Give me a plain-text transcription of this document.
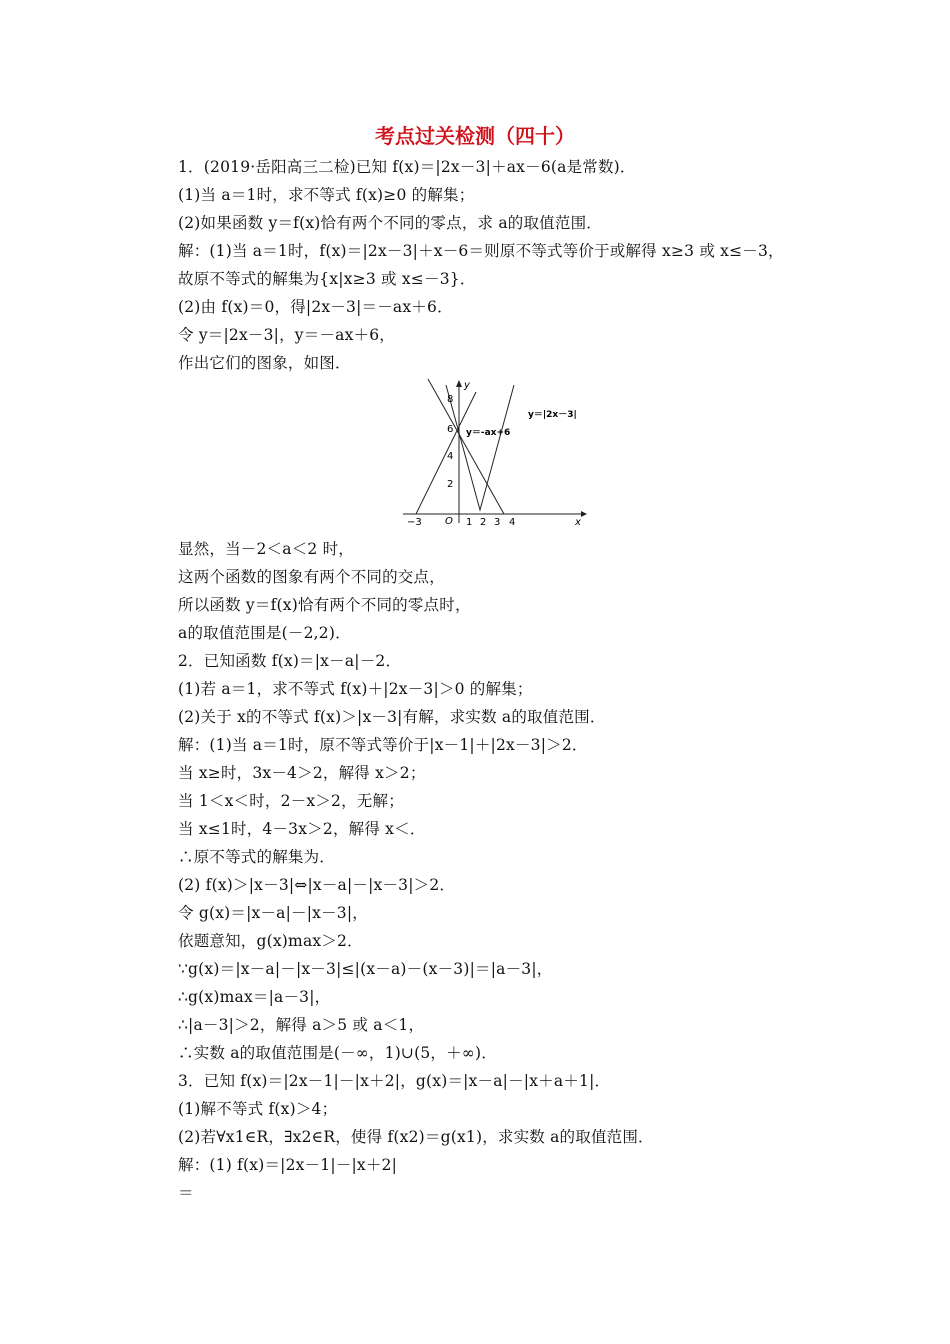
考点过关检测（四十）
1．(2019·岳阳高三二检)已知 f(x)＝|2x－3|＋ax－6(a是常数)．
(1)当 a＝1时，求不等式 f(x)≥0 的解集；
(2)如果函数 y＝f(x)恰有两个不同的零点，求 a的取值范围．
解：(1)当 a＝1时，f(x)＝|2x－3|＋x－6＝则原不等式等价于或解得 x≥3 或 x≤－3，
故原不等式的解集为{x|x≥3 或 x≤－3}．
(2)由 f(x)＝0，得|2x－3|＝－ax＋6．
令 y＝|2x－3|，y＝－ax＋6，
作出它们的图象，如图．
y＝|2x－3|
y＝-ax+6
x
y
O
−3	1 2 3 4
8
6
4
2
显然，当－2＜a＜2 时，
这两个函数的图象有两个不同的交点，
所以函数 y＝f(x)恰有两个不同的零点时，
a的取值范围是(－2,2)．
2．已知函数 f(x)＝|x－a|－2．
(1)若 a＝1，求不等式 f(x)＋|2x－3|＞0 的解集；
(2)关于 x的不等式 f(x)＞|x－3|有解，求实数 a的取值范围．
解：(1)当 a＝1时，原不等式等价于|x－1|＋|2x－3|＞2．
当 x≥时，3x－4＞2，解得 x＞2；
当 1＜x＜时，2－x＞2，无解；
当 x≤1时，4－3x＞2，解得 x＜．
∴原不等式的解集为．
(2) f(x)＞|x－3|⇔|x－a|－|x－3|＞2．
令 g(x)＝|x－a|－|x－3|，
依题意知，g(x)max＞2．
∵g(x)＝|x－a|－|x－3|≤|(x－a)－(x－3)|＝|a－3|，
∴g(x)max＝|a－3|，
∴|a－3|＞2，解得 a＞5 或 a＜1，
∴实数 a的取值范围是(－∞，1)∪(5，＋∞)．
3．已知 f(x)＝|2x－1|－|x＋2|，g(x)＝|x－a|－|x＋a＋1|．
(1)解不等式 f(x)＞4；
(2)若∀x1∈R，∃x2∈R，使得 f(x2)＝g(x1)，求实数 a的取值范围．
解：(1) f(x)＝|2x－1|－|x＋2|
＝
